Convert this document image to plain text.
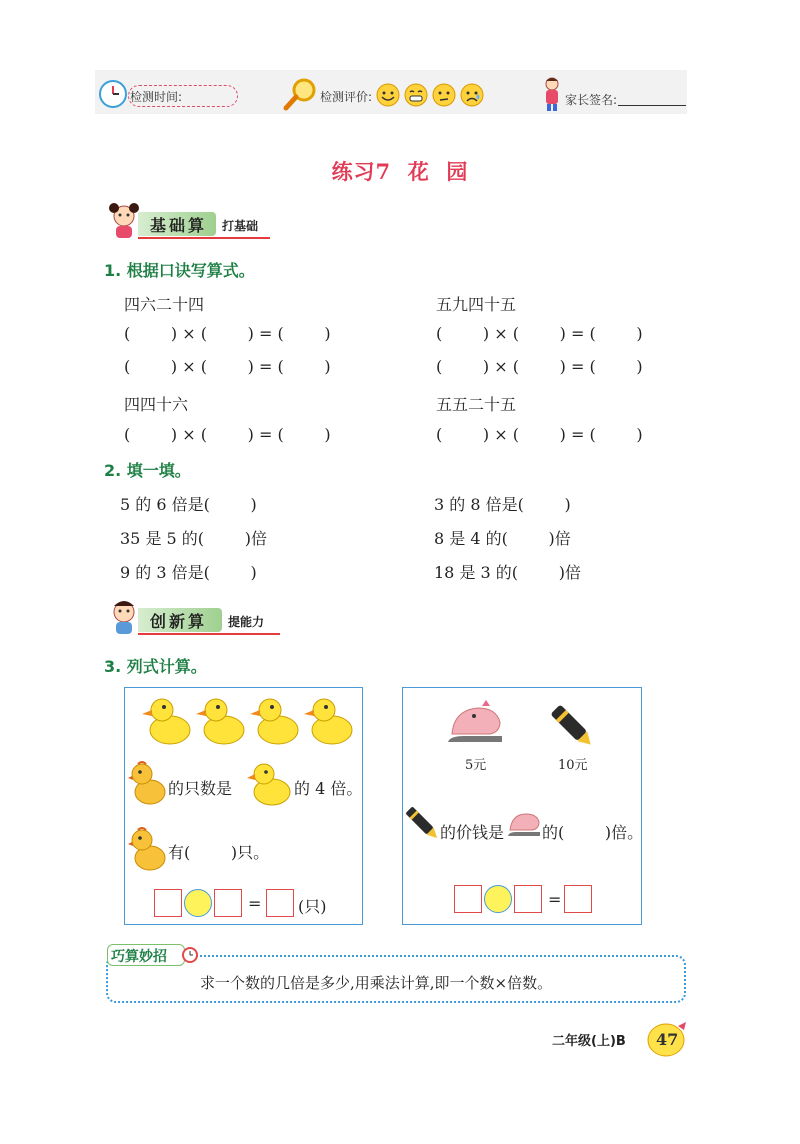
检测时间:	检测评价:	家长签名:
练习7  花  园
基础算 打基础
1. 根据口诀写算式。
四六二十四	五九四十五
(        ) × (        ) = (        )	(        ) × (        ) = (        )
(        ) × (        ) = (        )	(        ) × (        ) = (        )
四四十六	五五二十五
(        ) × (        ) = (        )	(        ) × (        ) = (        )
2. 填一填。
5 的 6 倍是(        )	3 的 8 倍是(        )
35 是 5 的(        )倍	8 是 4 的(        )倍
9 的 3 倍是(        )	18 是 3 的(        )倍
创新算 提能力
3. 列式计算。
的只数是	的 4 倍。
有(        )只。
= (只)
5元	10元
的价钱是 的(        )倍。
=
巧算妙招
求一个数的几倍是多少,用乘法计算,即一个数×倍数。
二年级(上)B 47
